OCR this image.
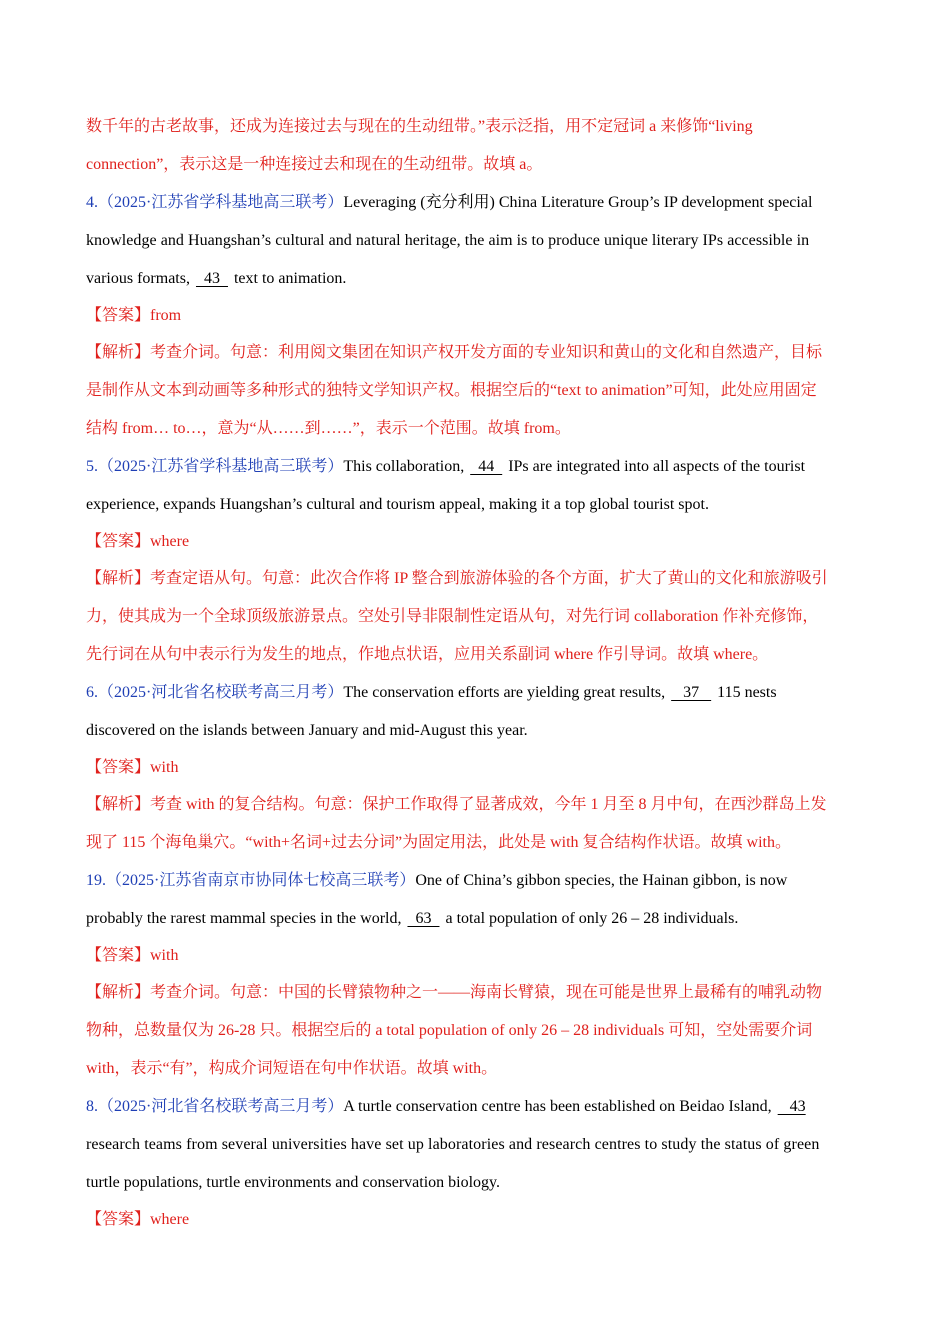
数千年的古老故事，还成为连接过去与现在的生动纽带。”表示泛指，用不定冠词 a 来修饰“living
connection”，表示这是一种连接过去和现在的生动纽带。故填 a。
4.（2025·江苏省学科基地高三联考）Leveraging (充分利用) China Literature Group’s IP development special
knowledge and Huangshan’s cultural and natural heritage, the aim is to produce unique literary IPs accessible in
various formats,   43   text to animation.
【答案】from
【解析】考查介词。句意：利用阅文集团在知识产权开发方面的专业知识和黄山的文化和自然遗产，目标
是制作从文本到动画等多种形式的独特文学知识产权。根据空后的“text to animation”可知，此处应用固定
结构 from… to…，意为“从……到……”，表示一个范围。故填 from。
5.（2025·江苏省学科基地高三联考）This collaboration,   44   IPs are integrated into all aspects of the tourist
experience, expands Huangshan’s cultural and tourism appeal, making it a top global tourist spot.
【答案】where
【解析】考查定语从句。句意：此次合作将 IP 整合到旅游体验的各个方面，扩大了黄山的文化和旅游吸引
力，使其成为一个全球顶级旅游景点。空处引导非限制性定语从句，对先行词 collaboration 作补充修饰，
先行词在从句中表示行为发生的地点，作地点状语，应用关系副词 where 作引导词。故填 where。
6.（2025·河北省名校联考高三月考）The conservation efforts are yielding great results,    37    115 nests
discovered on the islands between January and mid-August this year.
【答案】with
【解析】考查 with 的复合结构。句意：保护工作取得了显著成效，今年 1 月至 8 月中旬，在西沙群岛上发
现了 115 个海龟巢穴。“with+名词+过去分词”为固定用法，此处是 with 复合结构作状语。故填 with。
19.（2025·江苏省南京市协同体七校高三联考）One of China’s gibbon species, the Hainan gibbon, is now
probably the rarest mammal species in the world,   63   a total population of only 26 – 28 individuals.
【答案】with
【解析】考查介词。句意：中国的长臂猿物种之一——海南长臂猿，现在可能是世界上最稀有的哺乳动物
物种，总数量仅为 26-28 只。根据空后的 a total population of only 26 – 28 individuals 可知，空处需要介词
with，表示“有”，构成介词短语在句中作状语。故填 with。
8.（2025·河北省名校联考高三月考）A turtle conservation centre has been established on Beidao Island,    43
research teams from several universities have set up laboratories and research centres to study the status of green
turtle populations, turtle environments and conservation biology.
【答案】where
